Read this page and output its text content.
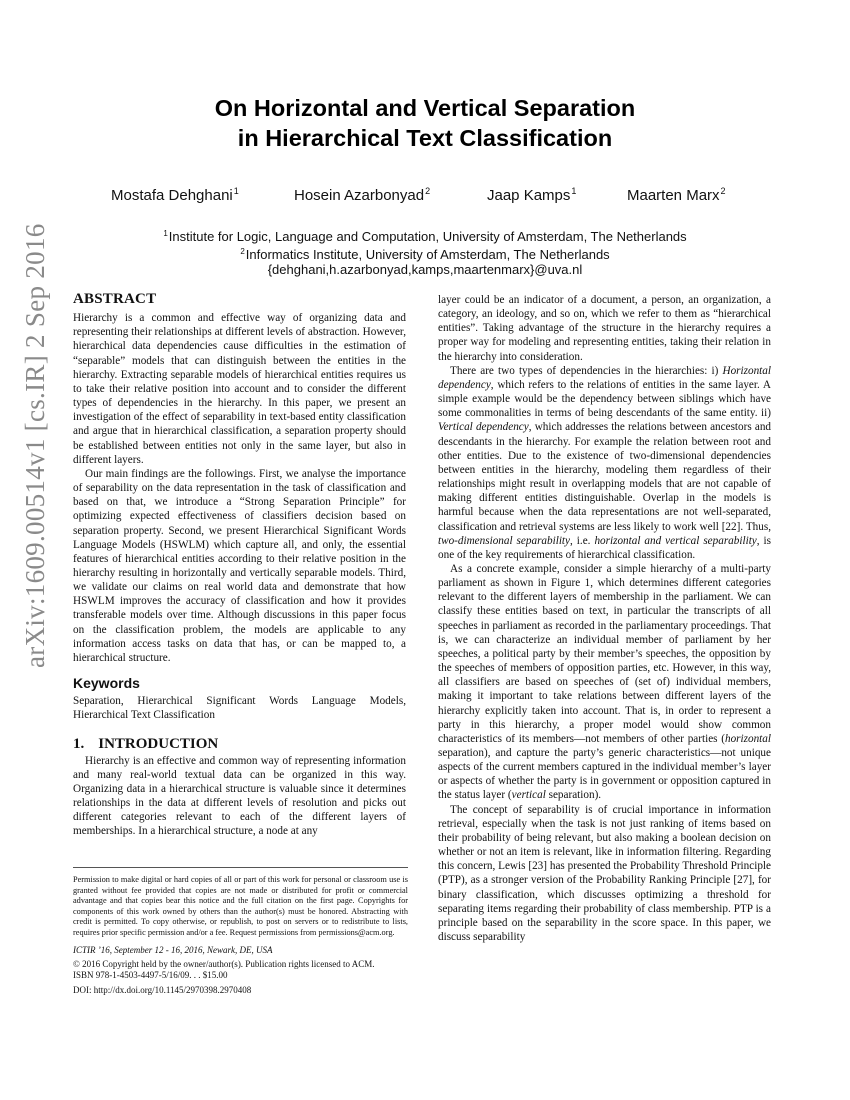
arXiv:1609.00514v1 [cs.IR] 2 Sep 2016
On Horizontal and Vertical Separation
in Hierarchical Text Classification
Mostafa Dehghani$^1$	Hosein Azarbonyad$^2$	Jaap Kamps$^1$	Maarten Marx$^2$
$^1$Institute for Logic, Language and Computation, University of Amsterdam, The Netherlands
$^2$Informatics Institute, University of Amsterdam, The Netherlands
{dehghani,h.azarbonyad,kamps,maartenmarx}@uva.nl
ABSTRACT

Hierarchy is a common and effective way of organizing data and representing their relationships at different levels of abstraction. However, hierarchical data dependencies cause difficulties in the estimation of “separable” models that can distinguish between the entities in the hierarchy. Extracting separable models of hierarchical entities requires us to take their relative position into account and to consider the different types of dependencies in the hierarchy. In this paper, we present an investigation of the effect of separability in text-based entity classification and argue that in hierarchical classification, a separation property should be established between entities not only in the same layer, but also in different layers.

Our main findings are the followings. First, we analyse the importance of separability on the data representation in the task of classification and based on that, we introduce a “Strong Separation Principle” for optimizing expected effectiveness of classifiers decision based on separation property. Second, we present Hierarchical Significant Words Language Models (HSWLM) which capture all, and only, the essential features of hierarchical entities according to their relative position in the hierarchy resulting in horizontally and vertically separable models. Third, we validate our claims on real world data and demonstrate that how HSWLM improves the accuracy of classification and how it provides transferable models over time. Although discussions in this paper focus on the classification problem, the models are applicable to any information access tasks on data that has, or can be mapped to, a hierarchical structure.

Keywords

Separation, Hierarchical Significant Words Language Models, Hierarchical Text Classification

1. INTRODUCTION

Hierarchy is an effective and common way of representing information and many real-world textual data can be organized in this way. Organizing data in a hierarchical structure is valuable since it determines relationships in the data at different levels of resolution and picks out different categories relevant to each of the different layers of memberships. In a hierarchical structure, a node at any

Permission to make digital or hard copies of all or part of this work for personal or classroom use is granted without fee provided that copies are not made or distributed for profit or commercial advantage and that copies bear this notice and the full citation on the first page. Copyrights for components of this work owned by others than the author(s) must be honored. Abstracting with credit is permitted. To copy otherwise, or republish, to post on servers or to redistribute to lists, requires prior specific permission and/or a fee. Request permissions from permissions@acm.org.
ICTIR ’16, September 12 - 16, 2016, Newark, DE, USA
© 2016 Copyright held by the owner/author(s). Publication rights licensed to ACM.
ISBN 978-1-4503-4497-5/16/09. . . $15.00
DOI: http://dx.doi.org/10.1145/2970398.2970408

layer could be an indicator of a document, a person, an organization, a category, an ideology, and so on, which we refer to them as “hierarchical entities”. Taking advantage of the structure in the hierarchy requires a proper way for modeling and representing entities, taking their relation in the hierarchy into consideration.

There are two types of dependencies in the hierarchies: i) Horizontal dependency, which refers to the relations of entities in the same layer. A simple example would be the dependency between siblings which have some commonalities in terms of being descendants of the same entity. ii) Vertical dependency, which addresses the relations between ancestors and descendants in the hierarchy. For example the relation between root and other entities. Due to the existence of two-dimensional dependencies between entities in the hierarchy, modeling them regardless of their relationships might result in overlapping models that are not capable of making different entities distinguishable. Overlap in the models is harmful because when the data representations are not well-separated, classification and retrieval systems are less likely to work well [22]. Thus, two-dimensional separability, i.e. horizontal and vertical separability, is one of the key requirements of hierarchical classification.

As a concrete example, consider a simple hierarchy of a multi-party parliament as shown in Figure 1, which determines different categories relevant to the different layers of membership in the parliament. We can classify these entities based on text, in particular the transcripts of all speeches in parliament as recorded in the parliamentary proceedings. That is, we can characterize an individual member of parliament by her speeches, a political party by their member’s speeches, the opposition by the speeches of members of opposition parties, etc. However, in this way, all classifiers are based on speeches of (set of) individual members, making it important to take relations between different layers of the hierarchy explicitly taken into account. That is, in order to represent a party in this hierarchy, a proper model would show common characteristics of its members—not members of other parties (horizontal separation), and capture the party’s generic characteristics—not unique aspects of the current members captured in the individual member’s layer or aspects of whether the party is in government or opposition captured in the status layer (vertical separation).

The concept of separability is of crucial importance in information retrieval, especially when the task is not just ranking of items based on their probability of being relevant, but also making a boolean decision on whether or not an item is relevant, like in information filtering. Regarding this concern, Lewis [23] has presented the Probability Threshold Principle (PTP), as a stronger version of the Probability Ranking Principle [27], for binary classification, which discusses optimizing a threshold for separating items regarding their probability of class membership. PTP is a principle based on the separability in the score space. In this paper, we discuss separability
